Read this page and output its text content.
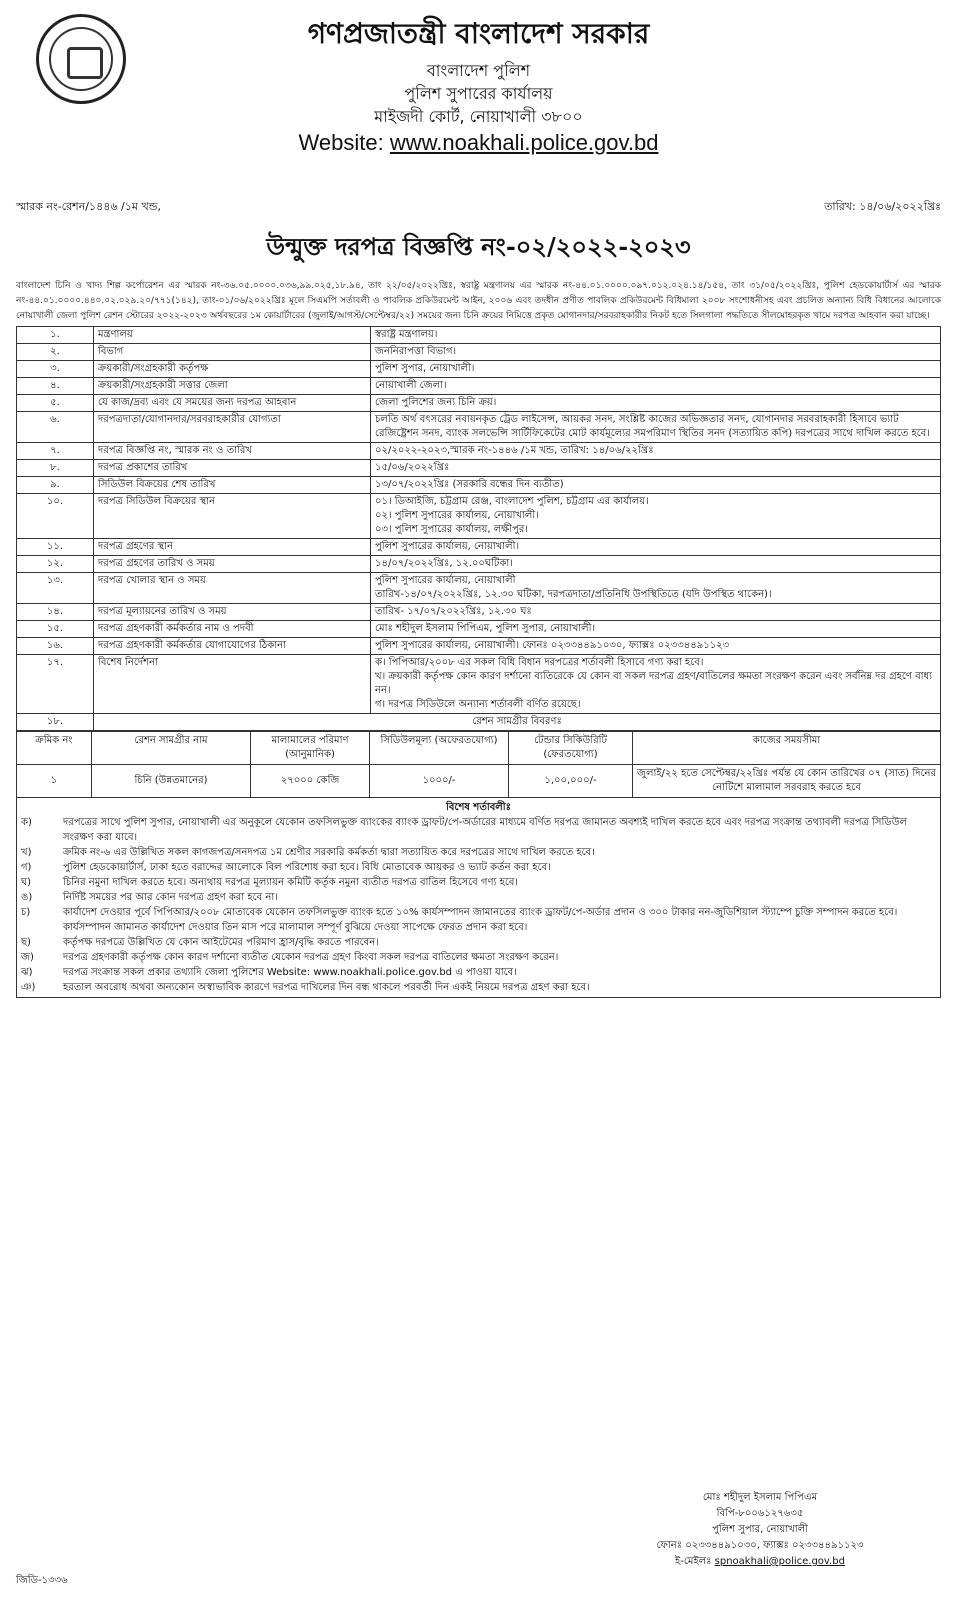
গণপ্রজাতন্ত্রী বাংলাদেশ সরকার
বাংলাদেশ পুলিশ
পুলিশ সুপারের কার্যালয়
মাইজদী কোর্ট, নোয়াখালী ৩৮০০
Website: www.noakhali.police.gov.bd
স্মারক নং-রেশন/১৪৪৬ /১ম খন্ড,	তারিখ: ১৪/০৬/২০২২খ্রিঃ
উন্মুক্ত দরপত্র বিজ্ঞপ্তি নং-০২/২০২২-২০২৩
বাংলাদেশ চিনি ও খাদ্য শিল্প কর্পোরেশন এর স্মারক নং-৩৬.০৫.০০০০.০৩৬,৯৯.০২৫,১৮.৯৪, তাং ২২/০৫/২০২২খ্রিঃ, স্বরাষ্ট্র মন্ত্রণালয় এর স্মারক নং-৪৪.০১.০০০০.০৯৭.০১২.০২৪.১৪/১৫৪, তাং ৩১/০৫/২০২২খ্রিঃ, পুলিশ হেডকোয়ার্টার্স এর স্মারক নং-৪৪.০১.০০০০.৪৪০.০২.০২৯.২০/৭৭১(১৪২), তাং-০১/০৬/২০২২খ্রিঃ মূলে সিএমপি সর্তাবলী ও পাবলিক প্রকিউরমেন্ট আইন, ২০০৬ এবং তদধীন প্রণীত পাবলিক প্রকিউরমেন্ট বিধিমালা ২০০৮ সংশোধনীসহ এবং প্রচলিত অন্যান্য বিধি বিধানের আলোকে নোয়াখালী জেলা পুলিশ রেশন স্টোরের ২০২২-২০২৩ অর্থবছরের ১ম কোয়ার্টারের (জুলাই/আগস্ট/সেপ্টেম্বর/২২) সময়ের জন্য চিনি ক্রয়ের নিমিত্তে প্রকৃত মোগানদার/সরবরাহকারীর নিকট হতে সিলগালা পদ্ধতিতে সীলমোহরকৃত খামে দরপত্র আহবান করা যাচ্ছে।
১.	মন্ত্রণালয়	স্বরাষ্ট্র মন্ত্রণালয়।

২.	বিভাগ	জননিরাপত্তা বিভাগ।

৩.	ক্রয়কারী/সংগ্রহকারী কর্তৃপক্ষ	পুলিশ সুপার, নোয়াখালী।

৪.	ক্রয়কারী/সংগ্রহকারী সত্তার জেলা	নোয়াখালী জেলা।

৫.	যে কাজ/দ্রব্য এবং যে সময়ের জন্য দরপত্র আহবান	জেলা পুলিশের জন্য চিনি ক্রয়।

৬.	দরপত্রদাতা/যোগানদার/সরবরাহকারীর যোগ্যতা	চলতি অর্থ বৎসরের নবায়নকৃত ট্রেড লাইসেন্স, আয়কর সনদ, সংশ্লিষ্ট কাজের অভিজ্ঞতার সনদ, যোগানদার সরবরাহকারী হিসাবে ভ্যাট রেজিষ্ট্রেশন সনদ, ব্যাংক সলভেন্সি সার্টিফিকেটের মোট কার্যমূল্যের সমপরিমাণ স্থিতির সনদ (সত্যায়িত কপি) দরপত্রের সাথে দাখিল করতে হবে।

৭.	দরপত্র বিজ্ঞপ্তি নং, স্মারক নং ও তারিখ	০২/২০২২-২০২৩,স্মারক নং-১৪৪৬ /১ম খন্ড, তারিখ: ১৪/০৬/২২খ্রিঃ

৮.	দরপত্র প্রকাশের তারিখ	১৫/০৬/২০২২খ্রিঃ

৯.	সিডিউল বিক্রয়ের শেষ তারিখ	১৩/০৭/২০২২খ্রিঃ (সরকারি বন্ধের দিন ব্যতীত)

১০.	দরপত্র সিডিউল বিক্রয়ের স্থান	০১। ডিআইজি, চট্টগ্রাম রেঞ্জ, বাংলাদেশ পুলিশ, চট্টগ্রাম এর কার্যালয়।
০২। পুলিশ সুপারের কার্যালয়, নোয়াখালী।
০৩। পুলিশ সুপারের কার্যালয়, লক্ষীপুর।

১১.	দরপত্র গ্রহণের স্থান	পুলিশ সুপারের কার্যালয়, নোয়াখালী।

১২.	দরপত্র গ্রহণের তারিখ ও সময়	১৪/০৭/২০২২খ্রিঃ, ১২.০০ঘটিকা।

১৩.	দরপত্র খোলার স্থান ও সময়	পুলিশ সুপারের কার্যালয়, নোয়াখালী
তারিখ-১৪/০৭/২০২২খ্রিঃ, ১২.৩০ ঘটিকা, দরপত্রদাতা/প্রতিনিধি উপস্থিতিতে (যদি উপস্থিত থাকেন)।

১৪.	দরপত্র মূল্যায়নের তারিখ ও সময়	তারিখ- ১৭/০৭/২০২২খ্রিঃ, ১২.৩০ ঘঃ

১৫.	দরপত্র গ্রহণকারী কর্মকর্তার নাম ও পদবী	মোঃ শহীদুল ইসলাম পিপিএম, পুলিশ সুপার, নোয়াখালী।

১৬.	দরপত্র গ্রহণকারী কর্মকর্তার যোগাযোগের ঠিকানা	পুলিশ সুপারের কার্যালয়, নোয়াখালী। ফোনঃ ০২৩৩৪৪৯১০৩০, ফ্যাক্সঃ ০২৩৩৪৪৯১১২৩

১৭.	বিশেষ নির্দেশনা	ক। পিপিআর/২০০৮ এর সকল বিধি বিধান দরপত্রের শর্তাবলী হিসাবে গণ্য করা হবে।
খ। ক্রয়কারী কর্তৃপক্ষ কোন কারণ দর্শানো ব্যতিরেকে যে কোন বা সকল দরপত্র গ্রহণ/বাতিলের ক্ষমতা সংরক্ষণ করেন এবং সর্বনিম্ন দর গ্রহণে বাধ্য নন।
গ। দরপত্র সিডিউলে অন্যান্য শর্তাবলী বর্ণিত রয়েছে।

১৮.	রেশন সামগ্রীর বিবরণঃ	
ক্রমিক নং	রেশন সামগ্রীর নাম	মালামালের পরিমাণ (আনুমানিক)	সিডিউলমূল্য (অফেরতযোগ্য)	টেন্ডার সিকিউরিটি (ফেরতযোগ্য)	কাজের সময়সীমা
১	চিনি (উন্নতমানের)	২৭০০০ কেজি	১০০০/-	১,০০,০০০/-	জুলাই/২২ হতে সেপ্টেম্বর/২২খ্রিঃ পর্যন্ত যে কোন তারিখের ০৭ (সাত) দিনের নোটিশে মালামাল সরবরাহ করতে হবে
বিশেষ শর্তাবলীঃ
ক)	দরপত্রের সাথে পুলিশ সুপার, নোয়াখালী এর অনুকূলে যেকোন তফসিলভুক্ত ব্যাংকের ব্যাংক ড্রাফট/পে-অর্ডারের মাধ্যমে বর্ণিত দরপত্র জামানত অবশ্যই দাখিল করতে হবে এবং দরপত্র সংক্রান্ত তথ্যাবলী দরপত্র সিডিউল সংরক্ষণ করা যাবে।
খ)	ক্রমিক নং-৬ এর উল্লিখিত সকল কাগজপত্র/সনদপত্র ১ম শ্রেণীর সরকারি কর্মকর্তা দ্বারা সত্যায়িত করে দরপত্রের সাথে দাখিল করতে হবে।
গ)	পুলিশ হেডকোয়ার্টার্স, ঢাকা হতে বরাদ্দের আলোকে বিল পরিশোধ করা হবে। বিধি মোতাবেক আয়কর ও ভ্যাট কর্তন করা হবে।
ঘ)	চিনির নমুনা দাখিল করতে হবে। অন্যথায় দরপত্র মূল্যায়ন কমিটি কর্তৃক নমুনা ব্যতীত দরপত্র বাতিল হিসেবে গণ্য হবে।
ঙ)	নির্দিষ্ট সময়ের পর আর কোন দরপত্র গ্রহণ করা হবে না।
চ)	কার্যাদেশ দেওয়ার পূর্বে পিপিআর/২০০৮ মোতাবেক যেকোন তফসিলভুক্ত ব্যাংক হতে ১০% কার্যসম্পাদন জামানতের ব্যাংক ড্রাফট/পে-অর্ডার প্রদান ও ৩০০ টাকার নন-জুডিশিয়াল স্ট্যাম্পে চুক্তি সম্পাদন করতে হবে। কার্যসম্পাদন জামানত কার্যাদেশ দেওয়ার তিন মাস পরে মালামাল সম্পূর্ণ বুঝিয়ে দেওয়া সাপেক্ষে ফেরত প্রদান করা হবে।
ছ)	কর্তৃপক্ষ দরপত্রে উল্লিখিত যে কোন আইটেমের পরিমাণ হ্রাস/বৃদ্ধি করতে পারবেন।
জ)	দরপত্র গ্রহণকারী কর্তৃপক্ষ কোন কারণ দর্শানো ব্যতীত যেকোন দরপত্র গ্রহণ কিংবা সকল দরপত্র বাতিলের ক্ষমতা সংরক্ষণ করেন।
ঝ)	দরপত্র সংক্রান্ত সকল প্রকার তথ্যাদি জেলা পুলিশের Website: www.noakhali.police.gov.bd এ পাওয়া যাবে।
ঞ)	হরতাল অবরোধ অথবা অন্যকোন অস্বাভাবিক কারণে দরপত্র দাখিলের দিন বন্ধ থাকলে পরবর্তী দিন একই নিয়মে দরপত্র গ্রহণ করা হবে।
মোঃ শহীদুল ইসলাম পিপিএম
বিপি-৮০০৬১২৭৬৩৫
পুলিশ সুপার, নোয়াখালী
ফোনঃ ০২৩৩৪৪৯১০৩০, ফ্যাক্সঃ ০২৩৩৪৪৯১১২৩
ই-মেইলঃ spnoakhali@police.gov.bd
জিডি-১৩৩৬
